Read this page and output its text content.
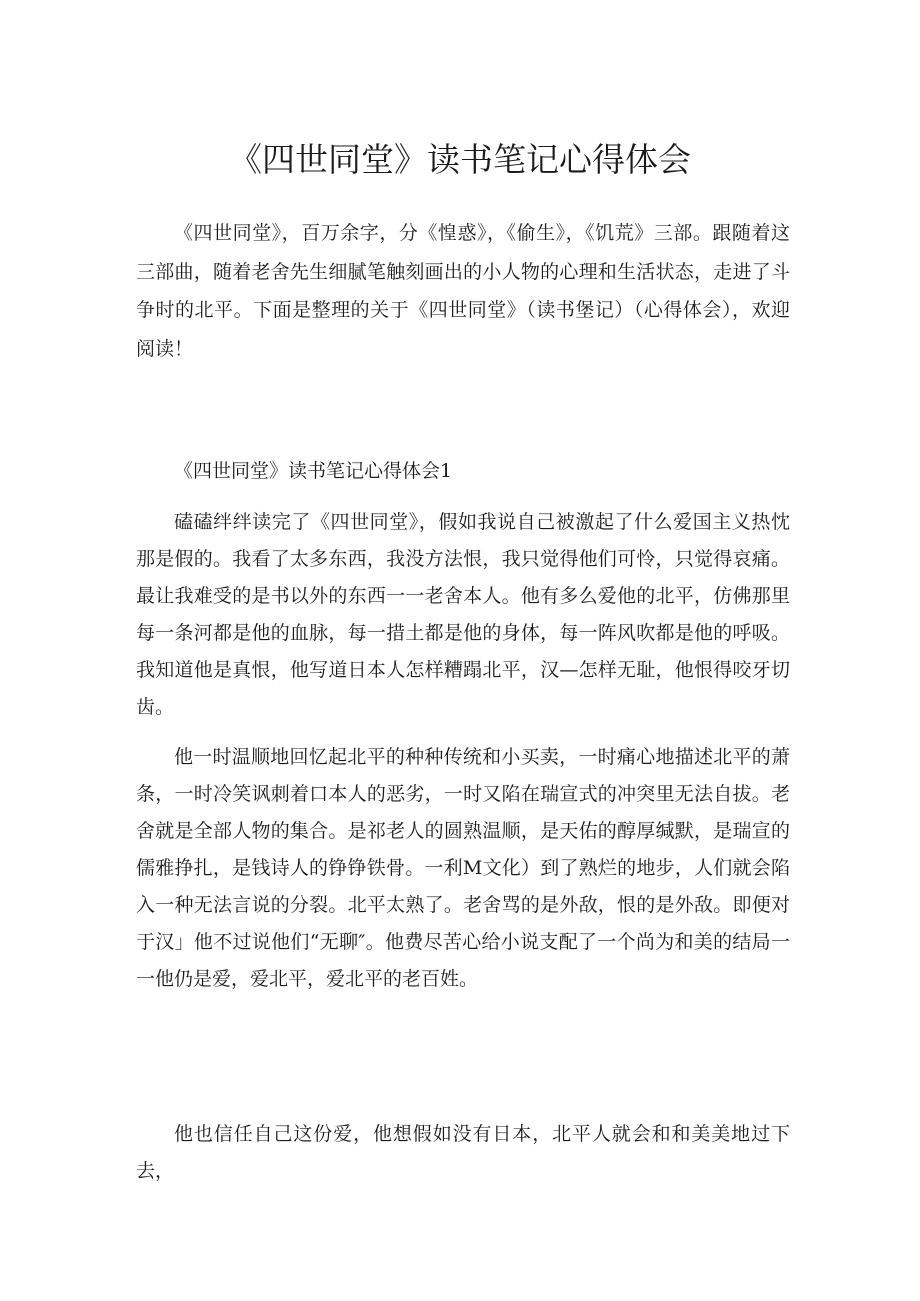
《四世同堂》读书笔记心得体会

《四世同堂》，百万余字，分《惶惑》，《偷生》，《饥荒》三部。跟随着这三部曲，随着老舍先生细腻笔触刻画出的小人物的心理和生活状态，走进了斗争时的北平。下面是整理的关于《四世同堂》（读书堡记）（心得体会），欢迎阅读！

《四世同堂》读书笔记心得体会1

磕磕绊绊读完了《四世同堂》，假如我说自己被激起了什么爱国主义热忱那是假的。我看了太多东西，我没方法恨，我只觉得他们可怜，只觉得哀痛。最让我难受的是书以外的东西一一老舍本人。他有多么爱他的北平，仿佛那里每一条河都是他的血脉，每一措土都是他的身体，每一阵风吹都是他的呼吸。我知道他是真恨，他写道日本人怎样糟蹋北平，汉—怎样无耻，他恨得咬牙切齿。

他一时温顺地回忆起北平的种种传统和小买卖，一时痛心地描述北平的萧条，一时冷笑讽刺着口本人的恶劣，一时又陷在瑞宣式的冲突里无法自拔。老舍就是全部人物的集合。是祁老人的圆熟温顺，是天佑的醇厚缄默，是瑞宣的儒雅挣扎，是钱诗人的铮铮铁骨。一利M文化）到了熟烂的地步，人们就会陷入一种无法言说的分裂。北平太熟了。老舍骂的是外敌，恨的是外敌。即便对于汉」他不过说他们“无聊″。他费尽苦心给小说支配了一个尚为和美的结局一一他仍是爱，爱北平，爱北平的老百姓。

他也信任自己这份爱，他想假如没有日本，北平人就会和和美美地过下去，
